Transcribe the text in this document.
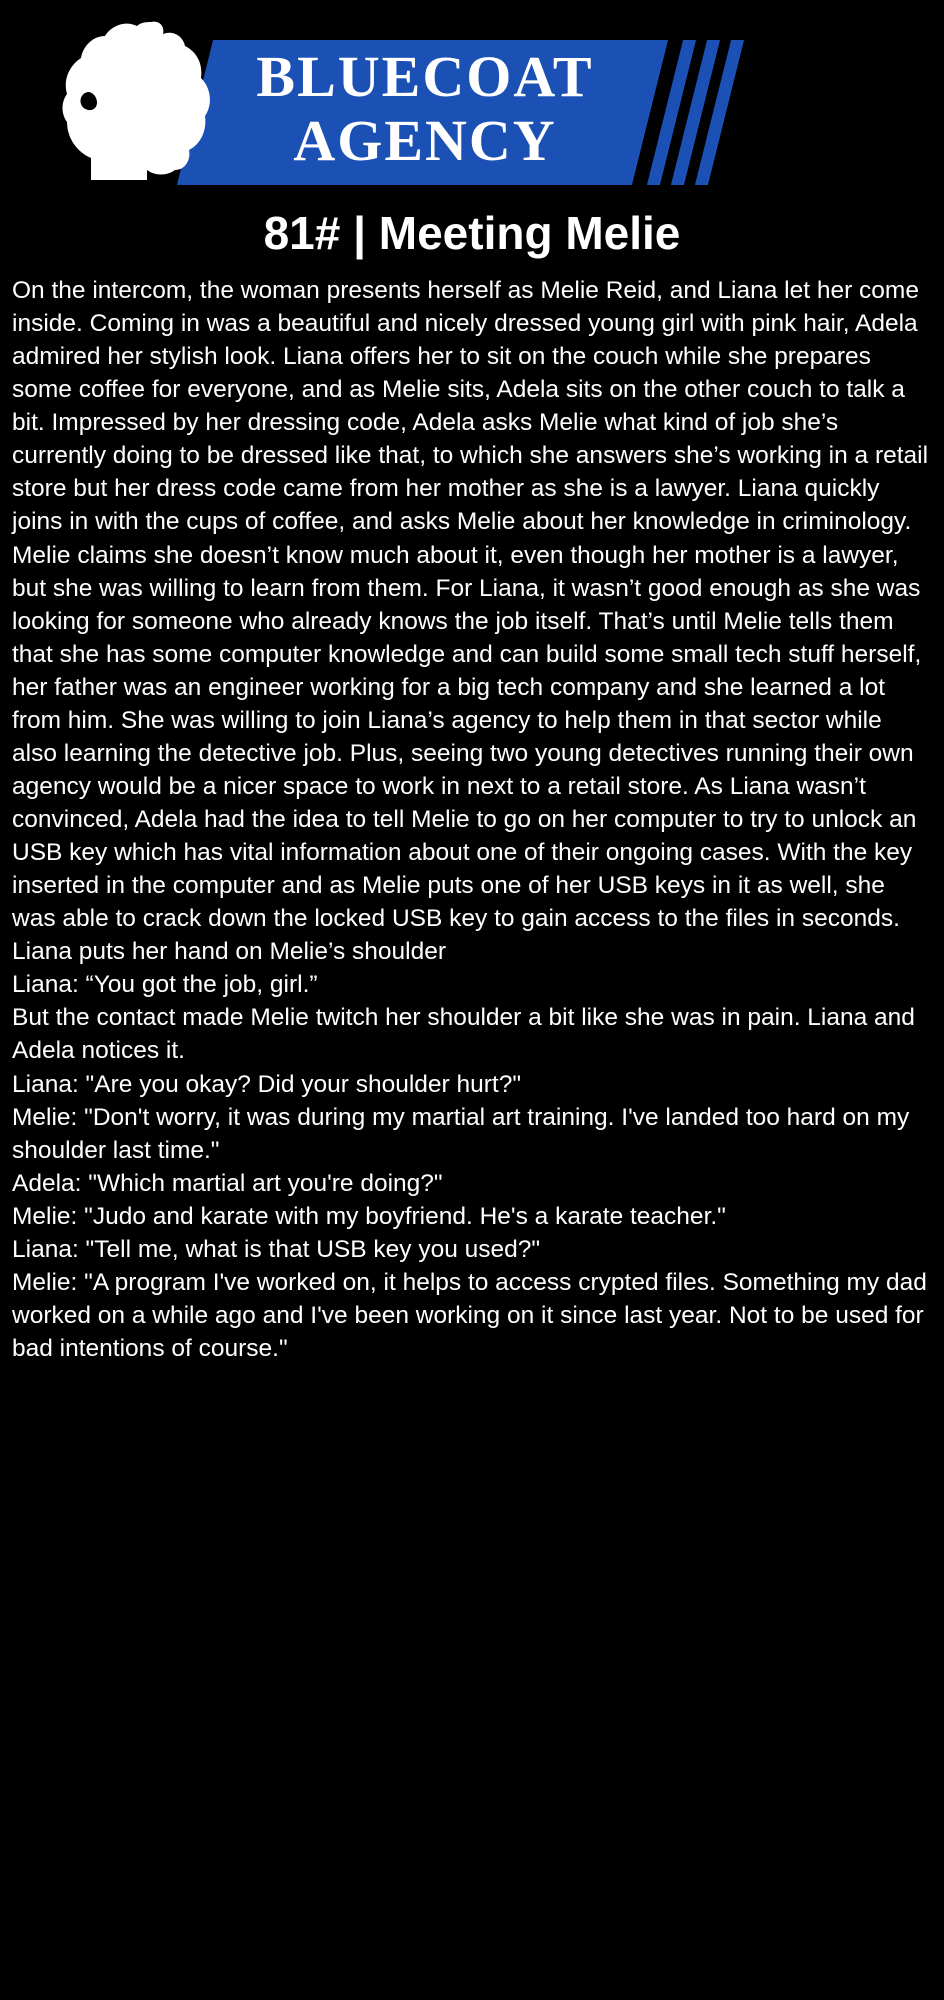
BLUECOAT
AGENCY
81# | Meeting Melie

On the intercom, the woman presents herself as Melie Reid, and Liana let her come inside. Coming in was a beautiful and nicely dressed young girl with pink hair, Adela admired her stylish look. Liana offers her to sit on the couch while she prepares some coffee for everyone, and as Melie sits, Adela sits on the other couch to talk a bit. Impressed by her dressing code, Adela asks Melie what kind of job she’s currently doing to be dressed like that, to which she answers she’s working in a retail store but her dress code came from her mother as she is a lawyer. Liana quickly joins in with the cups of coffee, and asks Melie about her knowledge in criminology. Melie claims she doesn’t know much about it, even though her mother is a lawyer, but she was willing to learn from them. For Liana, it wasn’t good enough as she was looking for someone who already knows the job itself. That’s until Melie tells them that she has some computer knowledge and can build some small tech stuff herself, her father was an engineer working for a big tech company and she learned a lot from him. She was willing to join Liana’s agency to help them in that sector while also learning the detective job. Plus, seeing two young detectives running their own agency would be a nicer space to work in next to a retail store. As Liana wasn’t convinced, Adela had the idea to tell Melie to go on her computer to try to unlock an USB key which has vital information about one of their ongoing cases. With the key inserted in the computer and as Melie puts one of her USB keys in it as well, she was able to crack down the locked USB key to gain access to the files in seconds.

Liana puts her hand on Melie’s shoulder

Liana: “You got the job, girl.”

But the contact made Melie twitch her shoulder a bit like she was in pain. Liana and Adela notices it.

Liana: "Are you okay? Did your shoulder hurt?"

Melie: "Don't worry, it was during my martial art training. I've landed too hard on my shoulder last time."

Adela: "Which martial art you're doing?"

Melie: "Judo and karate with my boyfriend. He's a karate teacher."

Liana: "Tell me, what is that USB key you used?"

Melie: "A program I've worked on, it helps to access crypted files. Something my dad worked on a while ago and I've been working on it since last year. Not to be used for bad intentions of course."
